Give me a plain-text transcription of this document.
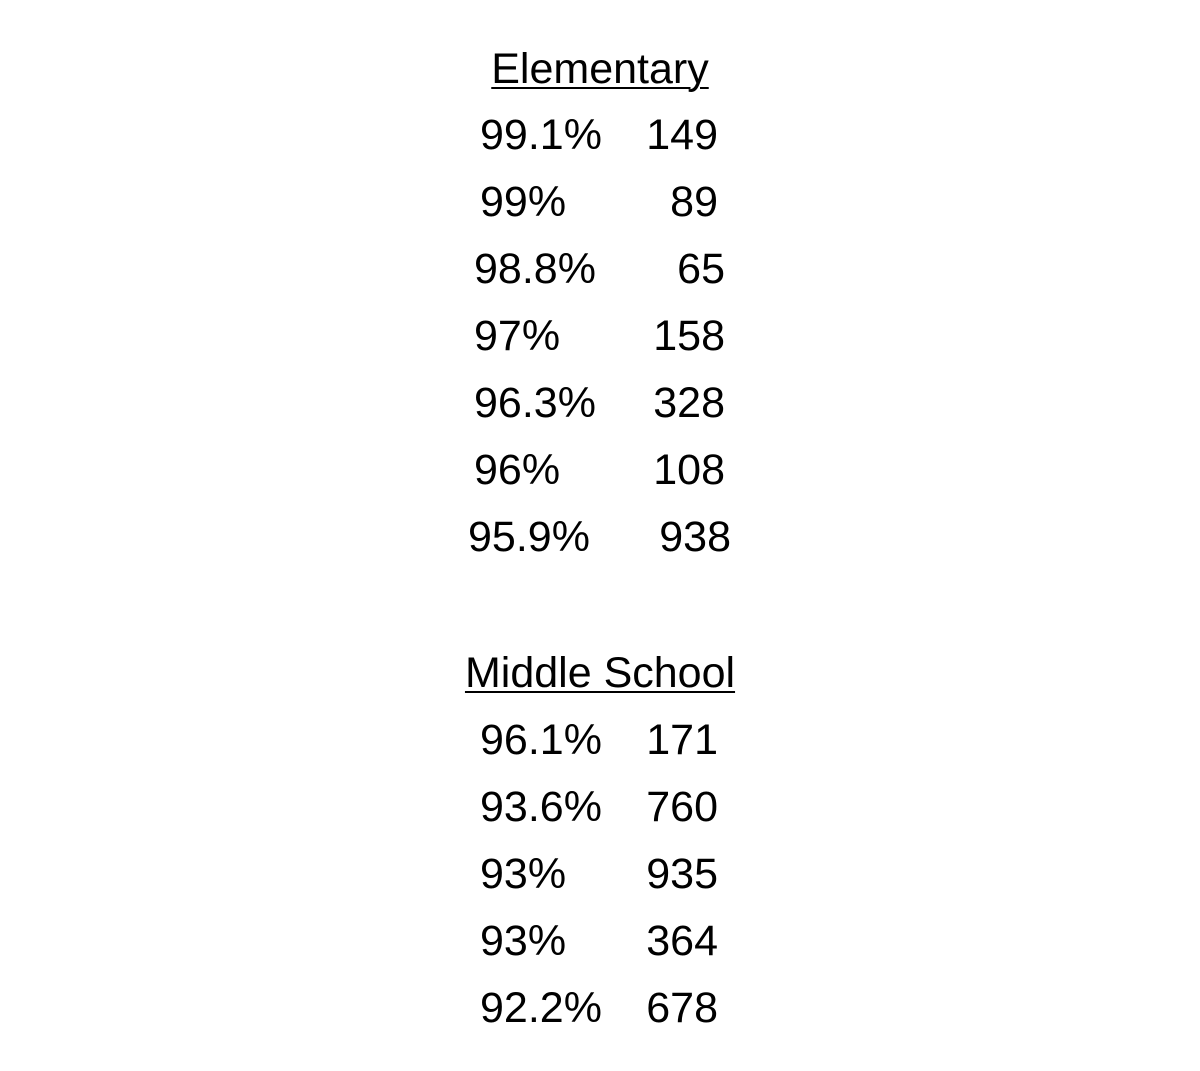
Elementary
99.1%	149
99%	89
98.8%	65
97%	158
96.3%	328
96%	108
95.9%	938
Middle School
96.1%	171
93.6%	760
93%	935
93%	364
92.2%	678
